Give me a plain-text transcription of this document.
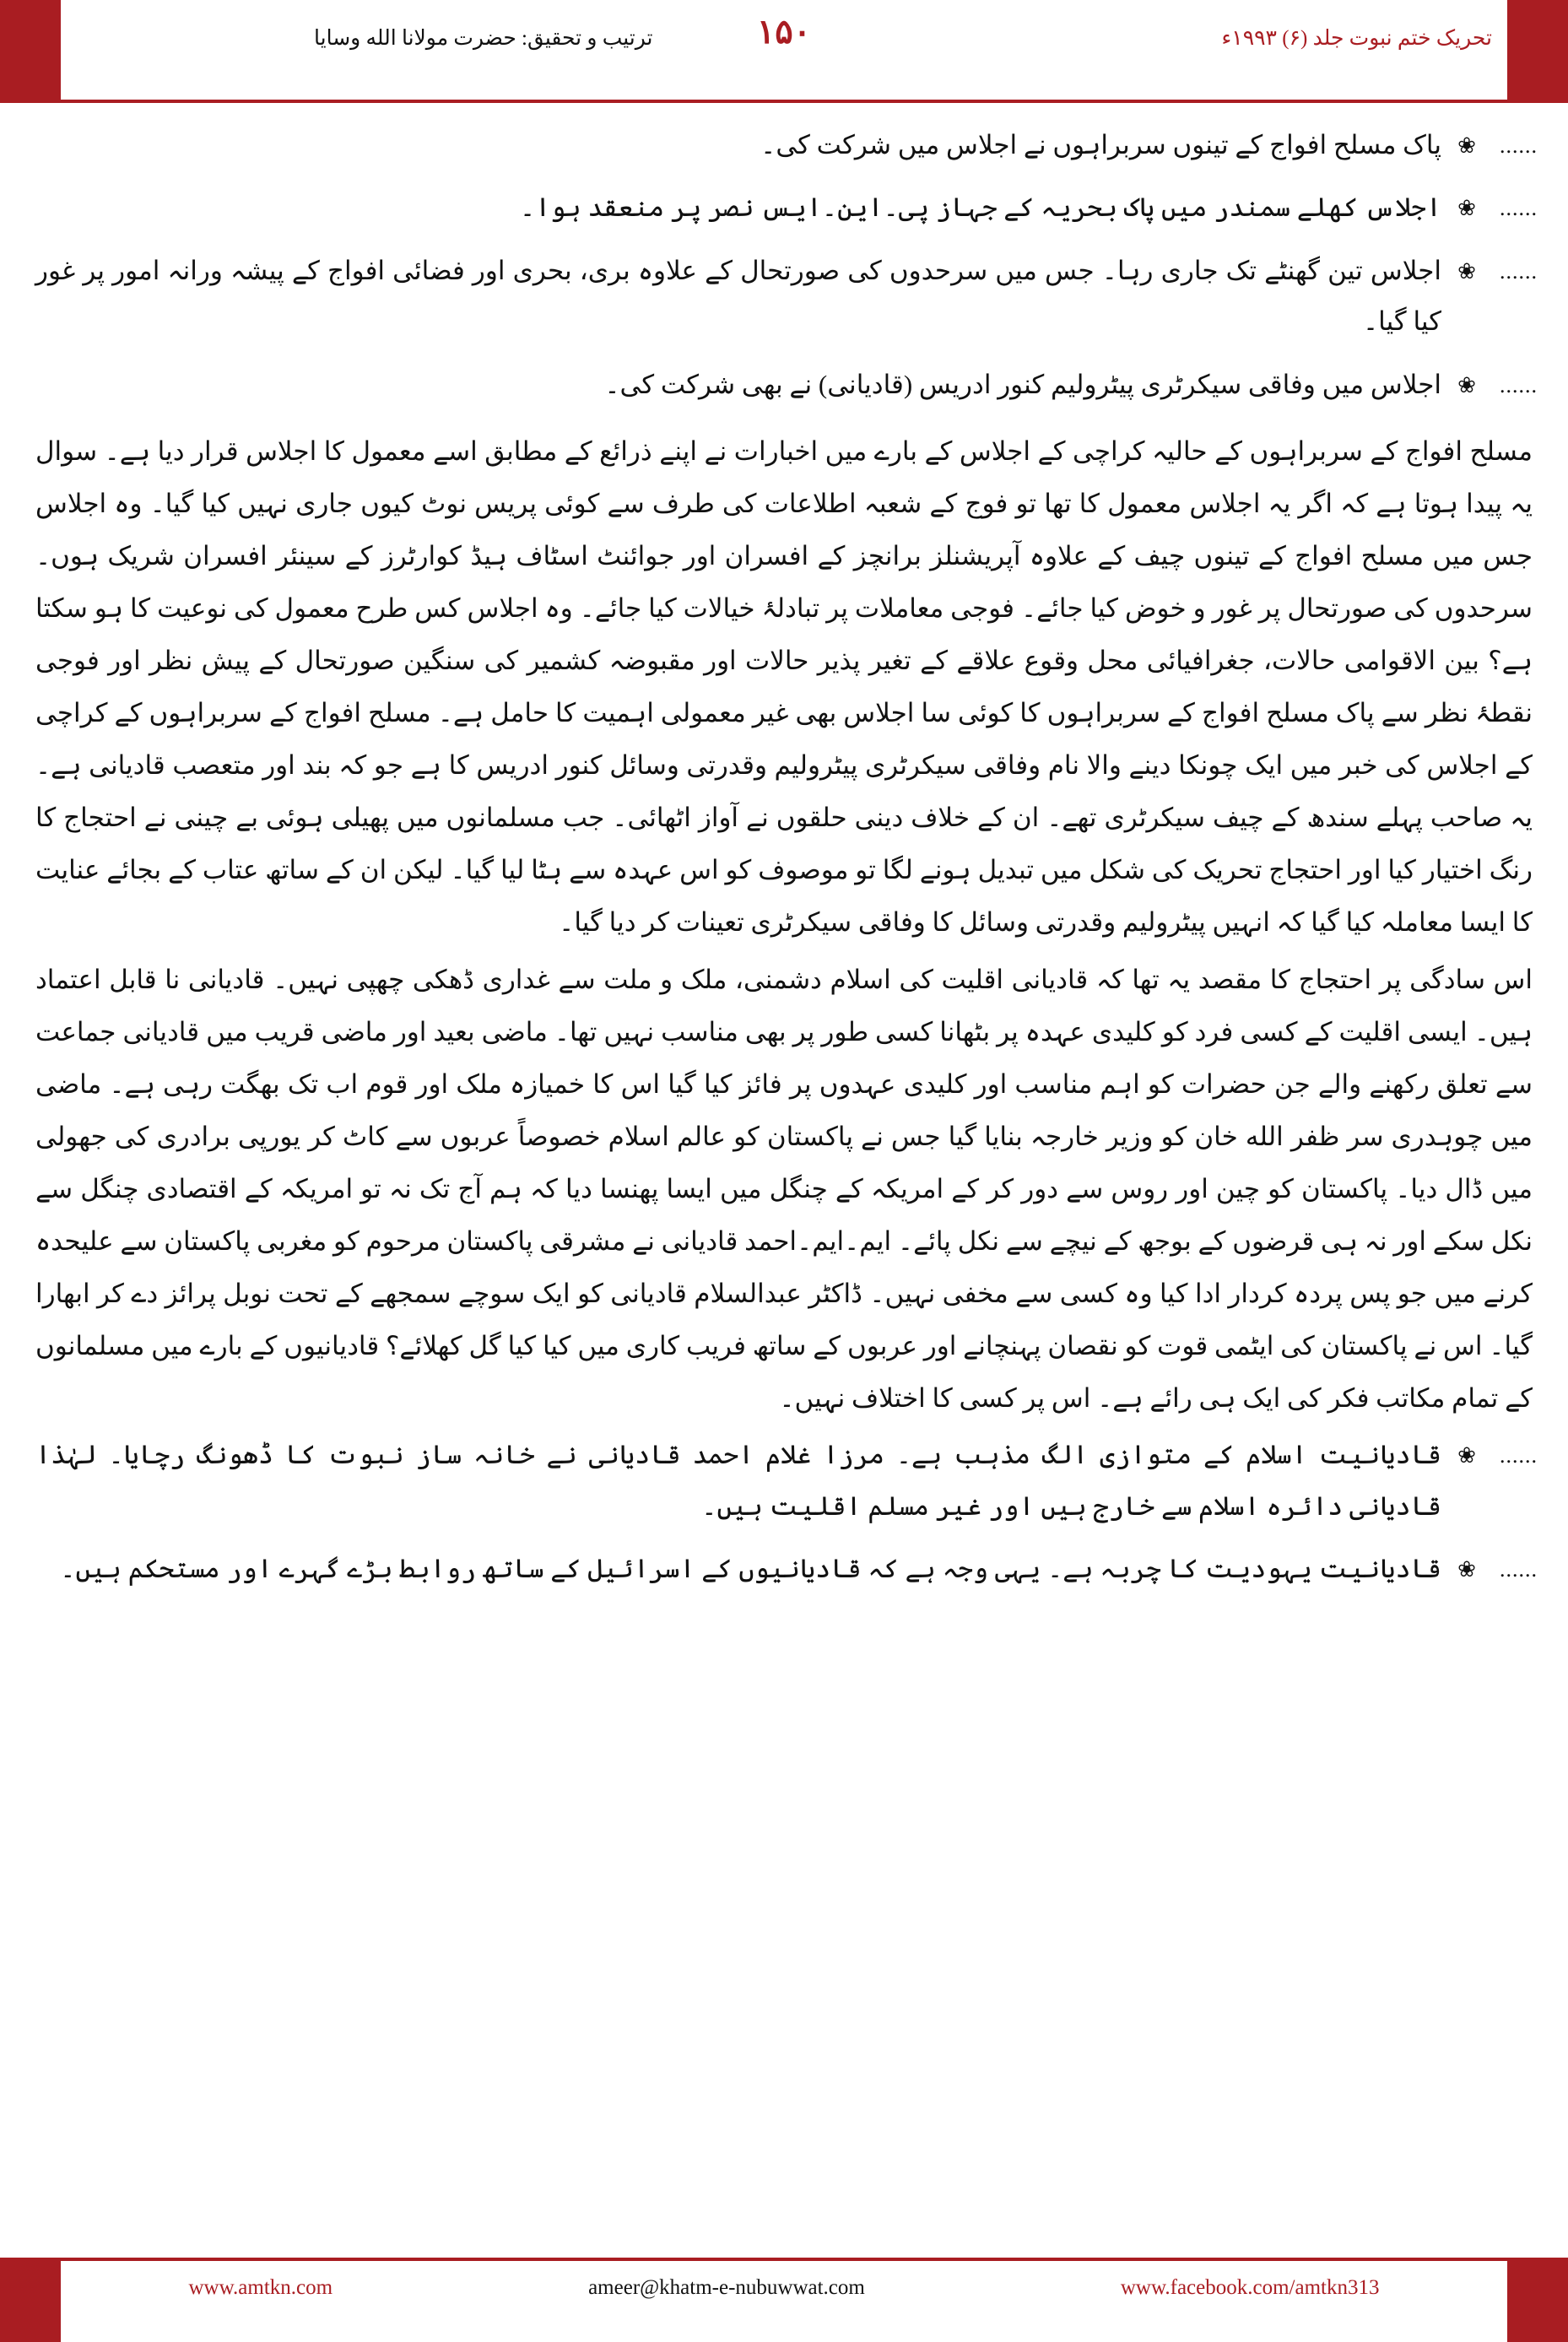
ترتیب و تحقیق: حضرت مولانا الله وسایا	۱۵۰	تحریک ختم نبوت جلد (۶) ۱۹۹۳ء
......
❀
پاک مسلح افواج کے تینوں سربراہوں نے اجلاس میں شرکت کی۔
......
❀
اجلاس کھلے سمندر میں پاک بحریہ کے جہاز پی۔این۔ایس نصر پر منعقد ہوا۔
......
❀
اجلاس تین گھنٹے تک جاری رہا۔ جس میں سرحدوں کی صورتحال کے علاوہ بری، بحری اور فضائی افواج کے پیشہ ورانہ امور پر غور کیا گیا۔
......
❀
اجلاس میں وفاقی سیکرٹری پیٹرولیم کنور ادریس (قادیانی) نے بھی شرکت کی۔

مسلح افواج کے سربراہوں کے حالیہ کراچی کے اجلاس کے بارے میں اخبارات نے اپنے ذرائع کے مطابق اسے معمول کا اجلاس قرار دیا ہے۔ سوال یہ پیدا ہوتا ہے کہ اگر یہ اجلاس معمول کا تھا تو فوج کے شعبہ اطلاعات کی طرف سے کوئی پریس نوٹ کیوں جاری نہیں کیا گیا۔ وہ اجلاس جس میں مسلح افواج کے تینوں چیف کے علاوہ آپریشنلز برانچز کے افسران اور جوائنٹ اسٹاف ہیڈ کوارٹرز کے سینئر افسران شریک ہوں۔ سرحدوں کی صورتحال پر غور و خوض کیا جائے۔ فوجی معاملات پر تبادلۂ خیالات کیا جائے۔ وہ اجلاس کس طرح معمول کی نوعیت کا ہو سکتا ہے؟ بین الاقوامی حالات، جغرافیائی محل وقوع علاقے کے تغیر پذیر حالات اور مقبوضہ کشمیر کی سنگین صورتحال کے پیش نظر اور فوجی نقطۂ نظر سے پاک مسلح افواج کے سربراہوں کا کوئی سا اجلاس بھی غیر معمولی اہمیت کا حامل ہے۔ مسلح افواج کے سربراہوں کے کراچی کے اجلاس کی خبر میں ایک چونکا دینے والا نام وفاقی سیکرٹری پیٹرولیم وقدرتی وسائل کنور ادریس کا ہے جو کہ بند اور متعصب قادیانی ہے۔ یہ صاحب پہلے سندھ کے چیف سیکرٹری تھے۔ ان کے خلاف دینی حلقوں نے آواز اٹھائی۔ جب مسلمانوں میں پھیلی ہوئی بے چینی نے احتجاج کا رنگ اختیار کیا اور احتجاج تحریک کی شکل میں تبدیل ہونے لگا تو موصوف کو اس عہدہ سے ہٹا لیا گیا۔ لیکن ان کے ساتھ عتاب کے بجائے عنایت کا ایسا معاملہ کیا گیا کہ انہیں پیٹرولیم وقدرتی وسائل کا وفاقی سیکرٹری تعینات کر دیا گیا۔

اس سادگی پر احتجاج کا مقصد یہ تھا کہ قادیانی اقلیت کی اسلام دشمنی، ملک و ملت سے غداری ڈھکی چھپی نہیں۔ قادیانی نا قابل اعتماد ہیں۔ ایسی اقلیت کے کسی فرد کو کلیدی عہدہ پر بٹھانا کسی طور پر بھی مناسب نہیں تھا۔ ماضی بعید اور ماضی قریب میں قادیانی جماعت سے تعلق رکھنے والے جن حضرات کو اہم مناسب اور کلیدی عہدوں پر فائز کیا گیا اس کا خمیازہ ملک اور قوم اب تک بھگت رہی ہے۔ ماضی میں چوہدری سر ظفر الله خان کو وزیر خارجہ بنایا گیا جس نے پاکستان کو عالم اسلام خصوصاً عربوں سے کاٹ کر یورپی برادری کی جھولی میں ڈال دیا۔ پاکستان کو چین اور روس سے دور کر کے امریکہ کے چنگل میں ایسا پھنسا دیا کہ ہم آج تک نہ تو امریکہ کے اقتصادی چنگل سے نکل سکے اور نہ ہی قرضوں کے بوجھ کے نیچے سے نکل پائے۔ ایم۔ایم۔احمد قادیانی نے مشرقی پاکستان مرحوم کو مغربی پاکستان سے علیحدہ کرنے میں جو پس پردہ کردار ادا کیا وہ کسی سے مخفی نہیں۔ ڈاکٹر عبدالسلام قادیانی کو ایک سوچے سمجھے کے تحت نوبل پرائز دے کر ابھارا گیا۔ اس نے پاکستان کی ایٹمی قوت کو نقصان پہنچانے اور عربوں کے ساتھ فریب کاری میں کیا کیا گل کھلائے؟ قادیانیوں کے بارے میں مسلمانوں کے تمام مکاتب فکر کی ایک ہی رائے ہے۔ اس پر کسی کا اختلاف نہیں۔

......
❀
قادیانیت اسلام کے متوازی الگ مذہب ہے۔ مرزا غلام احمد قادیانی نے خانہ ساز نبوت کا ڈھونگ رچایا۔ لہٰذا قادیانی دائرہ اسلام سے خارج ہیں اور غیر مسلم اقلیت ہیں۔
......
❀
قادیانیت یہودیت کا چربہ ہے۔ یہی وجہ ہے کہ قادیانیوں کے اسرائیل کے ساتھ روابط بڑے گہرے اور مستحکم ہیں۔
www.amtkn.com	ameer@khatm-e-nubuwwat.com	www.facebook.com/amtkn313
